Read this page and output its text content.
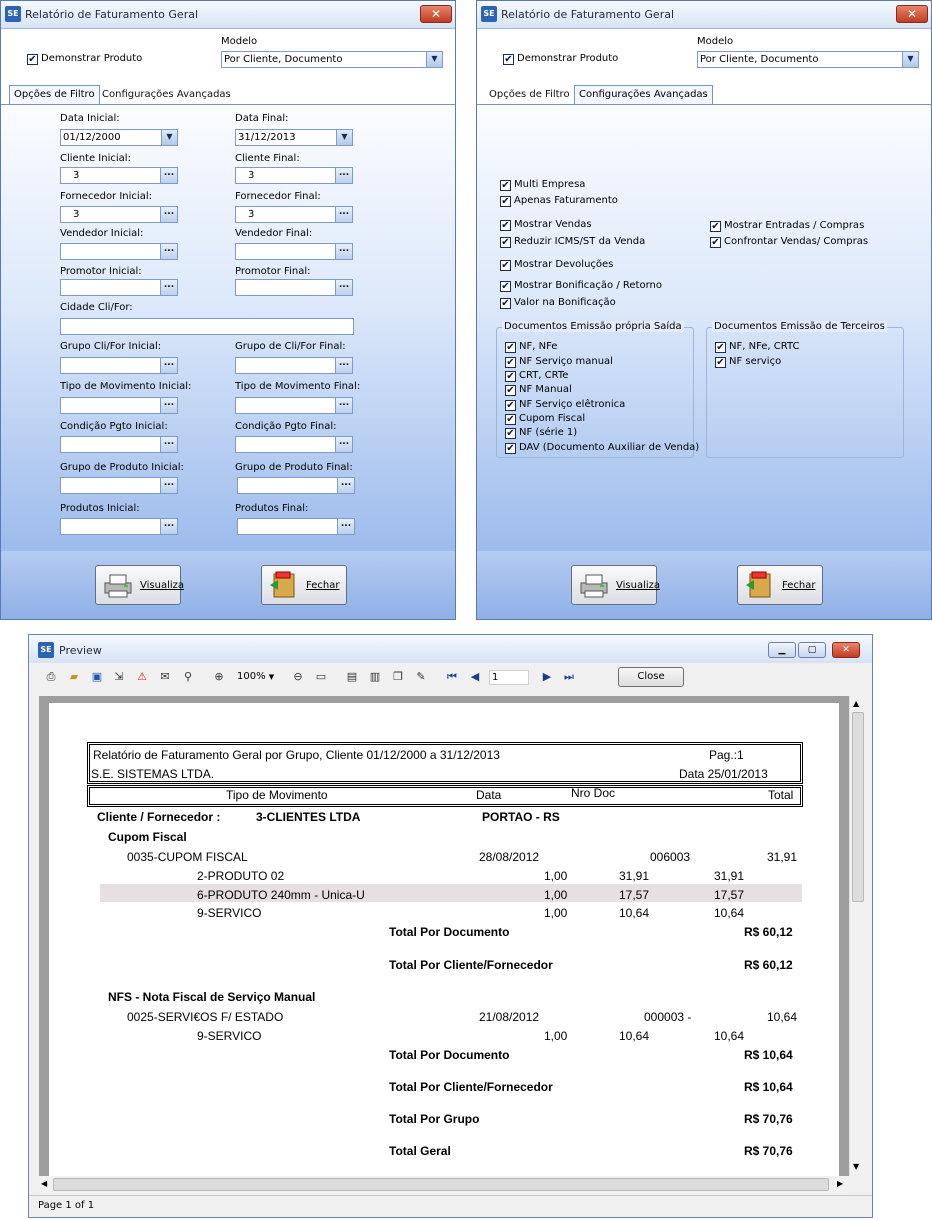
SE Relatório de Faturamento Geral	✕
✔ Demonstrar Produto
Modelo
Por Cliente, Documento	▼
Opções de Filtro Configurações Avançadas
Data Inicial:
01/12/2000	▼
Data Final:
31/12/2013	▼
Cliente Inicial:
3	...
Cliente Final:
3	...
Fornecedor Inicial:
3	...
Fornecedor Final:
3	...
Vendedor Inicial:
...
Vendedor Final:
...
Promotor Inicial:
...
Promotor Final:
...
Cidade Cli/For:
Grupo Cli/For Inicial:
...
Grupo de Cli/For Final:
...
Tipo de Movimento Inicial:
...
Tipo de Movimento Final:
...
Condição Pgto Inicial:
...
Condição Pgto Final:
...
Grupo de Produto Inicial:
...
Grupo de Produto Final:
...
Produtos Inicial:
...
Produtos Final:
...
Visualiza	Fechar
SE Relatório de Faturamento Geral	✕
✔ Demonstrar Produto
Modelo
Por Cliente, Documento	▼
Opções de Filtro Configurações Avançadas
✔ Multi Empresa
✔ Apenas Faturamento
✔ Mostrar Vendas
✔ Reduzir ICMS/ST da Venda
✔ Mostrar Devoluções
✔ Mostrar Bonificação / Retorno
✔ Valor na Bonificação
✔ Mostrar Entradas / Compras
✔ Confrontar Vendas/ Compras
Documentos Emissão própria Saída
✔ NF, NFe
✔ NF Serviço manual
✔ CRT, CRTe
✔ NF Manual
✔ NF Serviço elêtronica
✔ Cupom Fiscal
✔ NF (série 1)
✔ DAV (Documento Auxiliar de Venda)
Documentos Emissão de Terceiros
✔ NF, NFe, CRTC
✔ NF serviço
Visualiza	Fechar
SE Preview	▁	▢	✕
⎙	▰	▣	⇲	⚠	✉	⚲	⊕	100% ▼	⊖	▭ ▤ ▥ ❐	✎	⏮	◀	1	▶	⏭	Close
Relatório de Faturamento Geral por Grupo, Cliente 01/12/2000 a 31/12/2013	Pag.:1
S.E. SISTEMAS LTDA.	Data 25/01/2013
Tipo de Movimento	Data	Nro Doc	Total
Cliente / Fornecedor :	3-CLIENTES LTDA	PORTAO - RS
Cupom Fiscal
0035-CUPOM FISCAL	28/08/2012	006003	31,91
2-PRODUTO 02	1,00	31,91	31,91
6-PRODUTO 240mm - Unica-U	1,00	17,57	17,57
9-SERVICO	1,00	10,64	10,64
Total Por Documento	R$ 60,12
Total Por Cliente/Fornecedor	R$ 60,12
NFS - Nota Fiscal de Serviço Manual
0025-SERVI€OS F/ ESTADO	21/08/2012	000003 -	10,64
9-SERVICO	1,00	10,64	10,64
Total Por Documento	R$ 10,64
Total Por Cliente/Fornecedor	R$ 10,64
Total Por Grupo	R$ 70,76
Total Geral	R$ 70,76
▲
▼
◀	▶
Page 1 of 1
